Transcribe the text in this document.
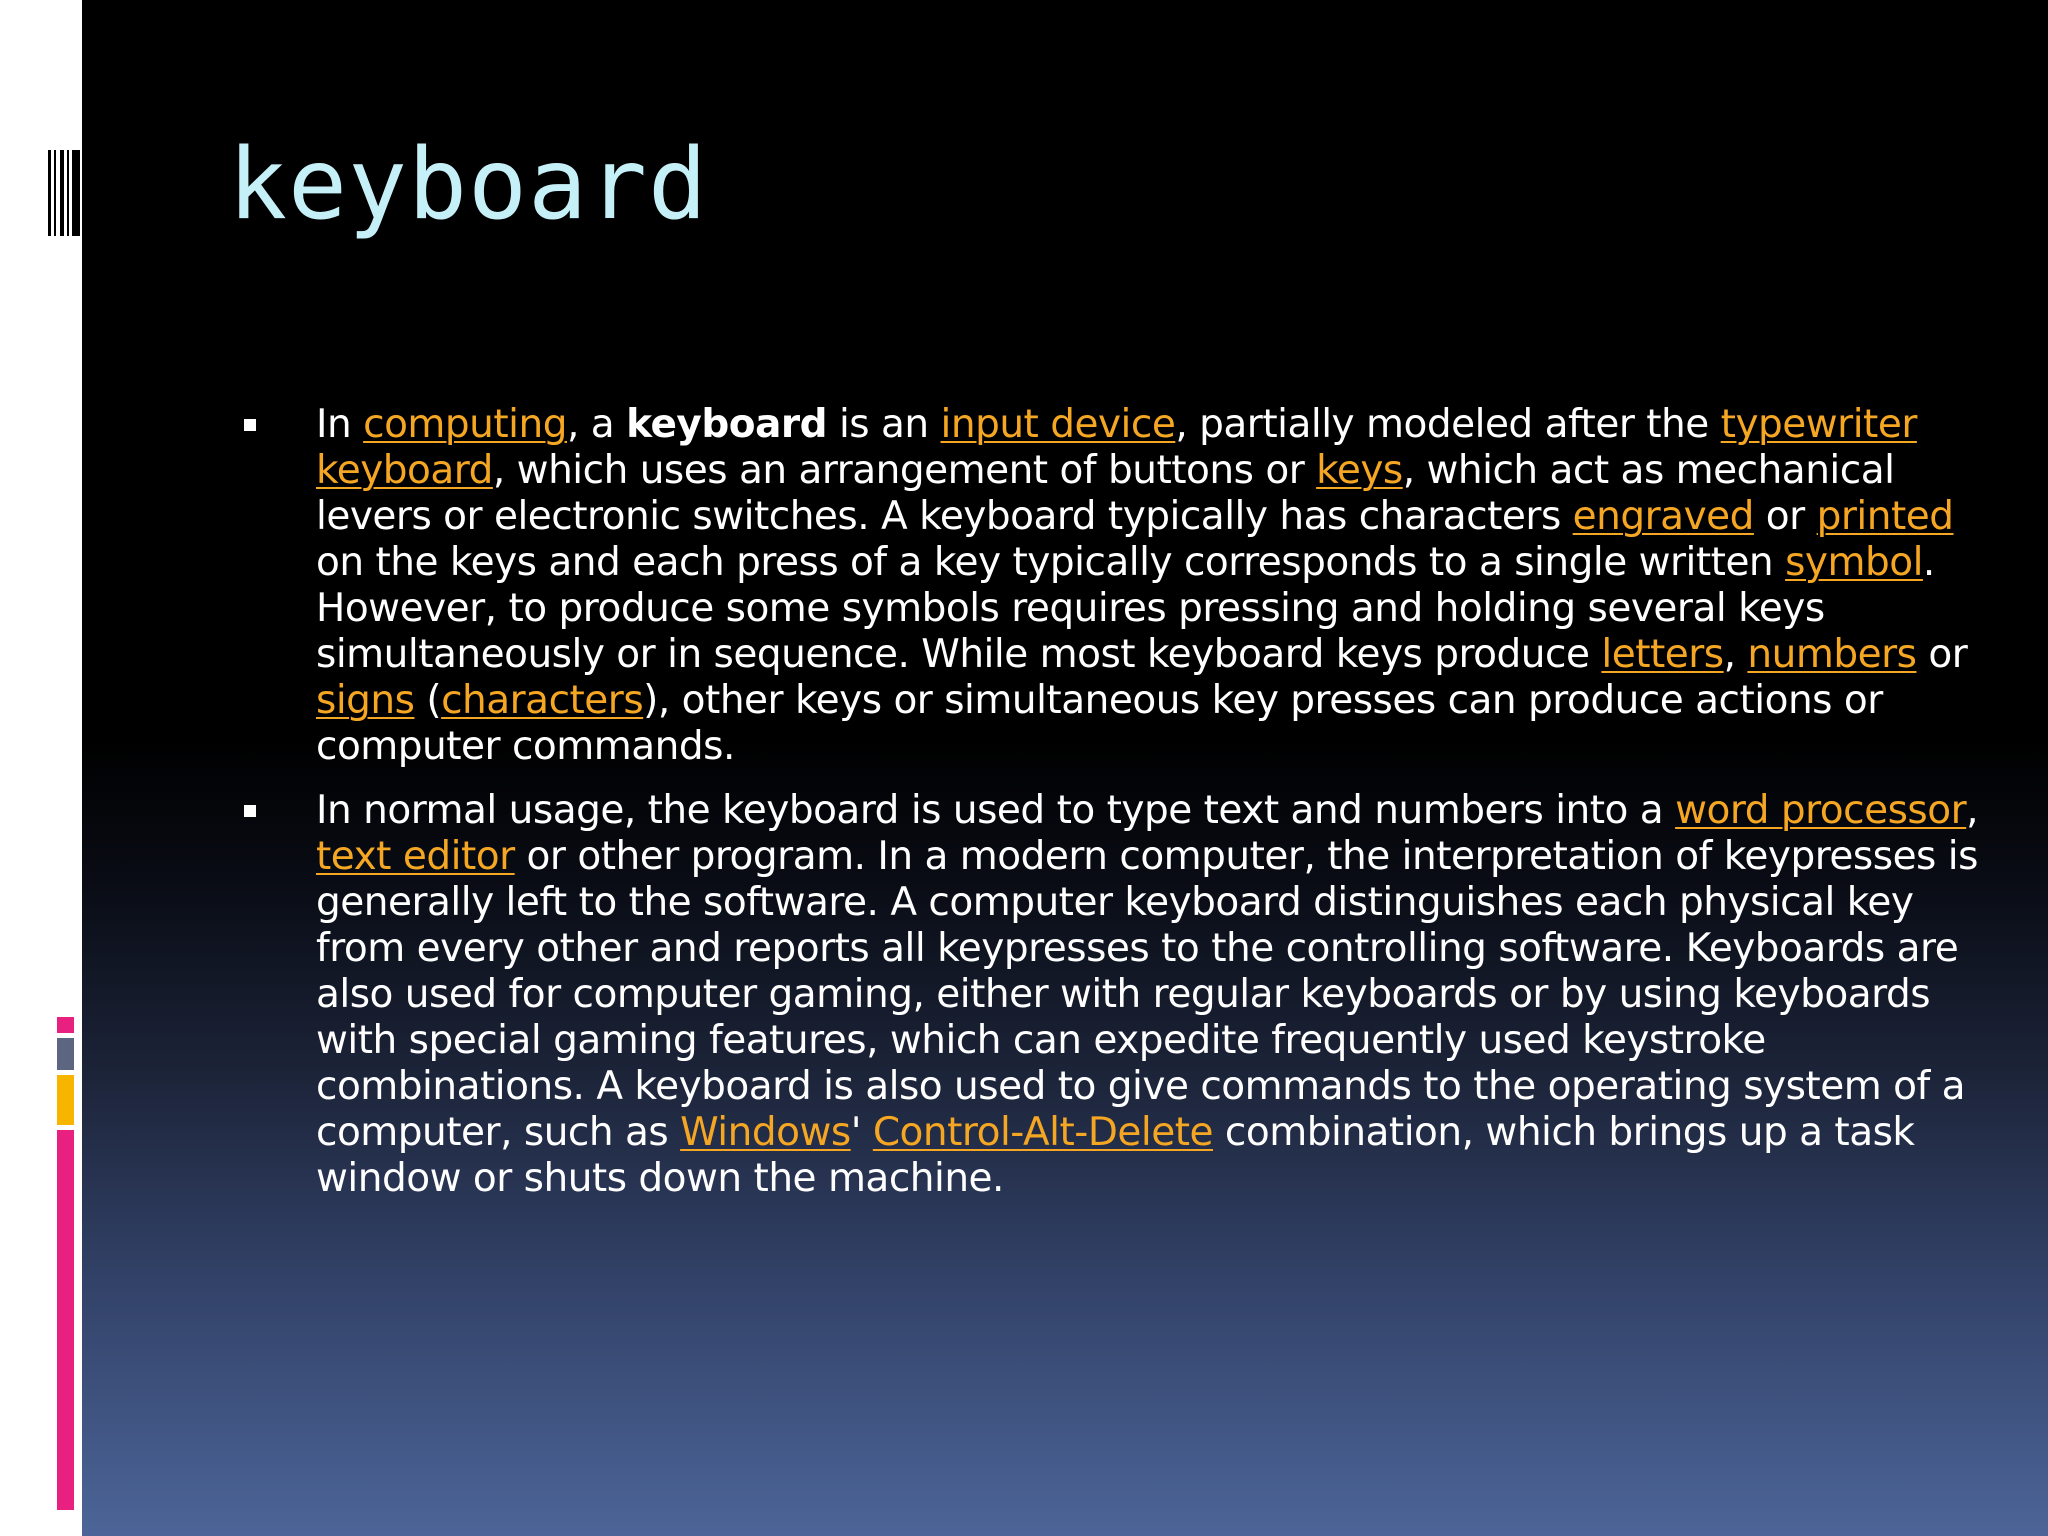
keyboard
In computing, a keyboard is an input device, partially modeled after the typewriter keyboard, which uses an arrangement of buttons or keys, which act as mechanical levers or electronic switches. A keyboard typically has characters engraved or printed on the keys and each press of a key typically corresponds to a single written symbol. However, to produce some symbols requires pressing and holding several keys simultaneously or in sequence. While most keyboard keys produce letters, numbers or signs (characters), other keys or simultaneous key presses can produce actions or computer commands.
In normal usage, the keyboard is used to type text and numbers into a word processor, text editor or other program. In a modern computer, the interpretation of keypresses is generally left to the software. A computer keyboard distinguishes each physical key from every other and reports all keypresses to the controlling software. Keyboards are also used for computer gaming, either with regular keyboards or by using keyboards with special gaming features, which can expedite frequently used keystroke combinations. A keyboard is also used to give commands to the operating system of a computer, such as Windows' Control-Alt-Delete combination, which brings up a task window or shuts down the machine.
